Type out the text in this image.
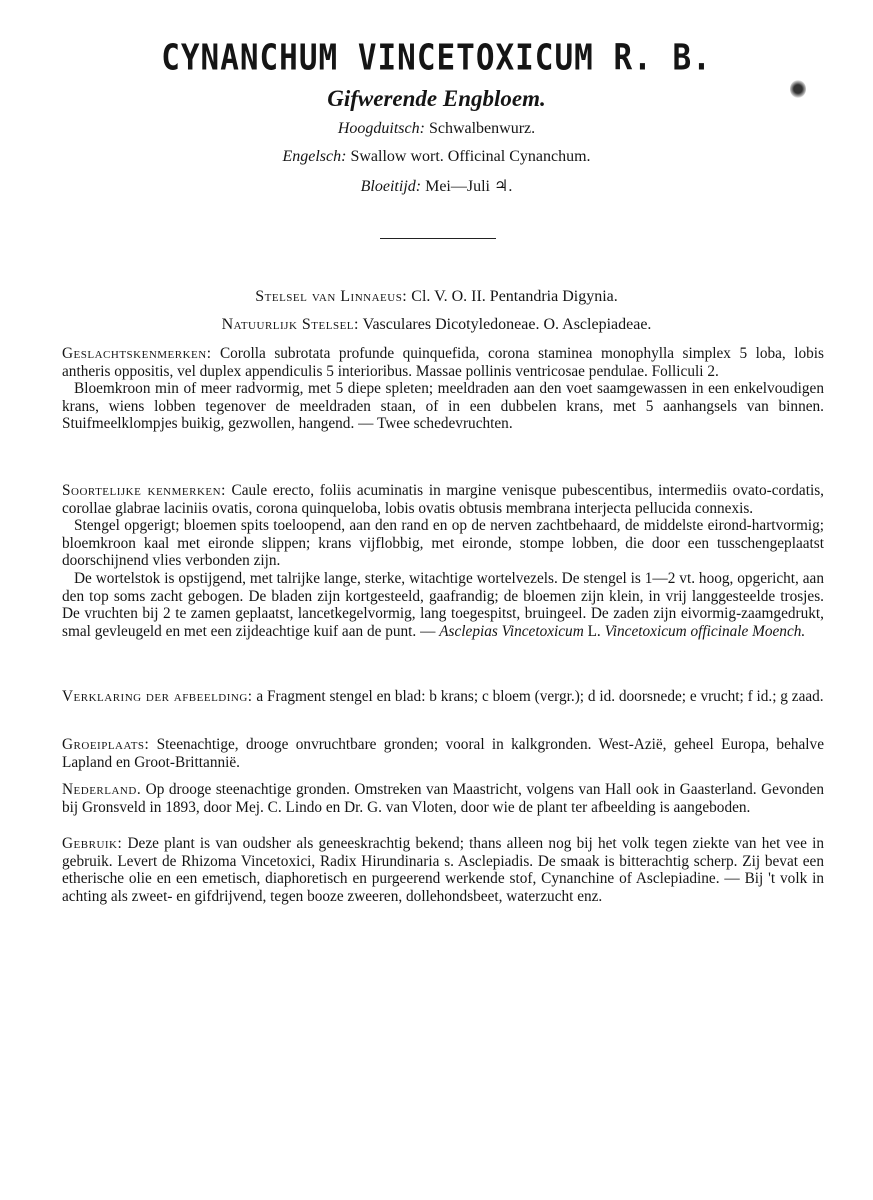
CYNANCHUM VINCETOXICUM R. B.
Gifwerende Engbloem.
Hoogduitsch: Schwalbenwurz.
Engelsch: Swallow wort. Officinal Cynanchum.
Bloeitijd: Mei—Juli ♃.
Stelsel van Linnaeus: Cl. V. O. II. Pentandria Digynia.
Natuurlijk Stelsel: Vasculares Dicotyledoneae. O. Asclepiadeae.

Geslachtskenmerken: Corolla subrotata profunde quinquefida, corona staminea monophylla simplex 5 loba, lobis antheris oppositis, vel duplex appendiculis 5 interioribus. Massae pollinis ventricosae pendulae. Folliculi 2.

Bloemkroon min of meer radvormig, met 5 diepe spleten; meeldraden aan den voet saamgewassen in een enkelvoudigen krans, wiens lobben tegenover de meeldraden staan, of in een dubbelen krans, met 5 aanhangsels van binnen. Stuifmeelklompjes buikig, gezwollen, hangend. — Twee schedevruchten.

Soortelijke kenmerken: Caule erecto, foliis acuminatis in margine venisque pubescentibus, intermediis ovato-cordatis, corollae glabrae laciniis ovatis, corona quinqueloba, lobis ovatis obtusis membrana interjecta pellucida connexis.

Stengel opgerigt; bloemen spits toeloopend, aan den rand en op de nerven zachtbehaard, de middelste eirond-hartvormig; bloemkroon kaal met eironde slippen; krans vijflobbig, met eironde, stompe lobben, die door een tusschengeplaatst doorschijnend vlies verbonden zijn.

De wortelstok is opstijgend, met talrijke lange, sterke, witachtige wortelvezels. De stengel is 1—2 vt. hoog, opgericht, aan den top soms zacht gebogen. De bladen zijn kortgesteeld, gaafrandig; de bloemen zijn klein, in vrij langgesteelde trosjes. De vruchten bij 2 te zamen geplaatst, lancetkegelvormig, lang toegespitst, bruingeel. De zaden zijn eivormig-zaamgedrukt, smal gevleugeld en met een zijdeachtige kuif aan de punt. — Asclepias Vincetoxicum L. Vincetoxicum officinale Moench.

Verklaring der afbeelding: a Fragment stengel en blad: b krans; c bloem (vergr.); d id. doorsnede; e vrucht; f id.; g zaad.

Groeiplaats: Steenachtige, drooge onvruchtbare gronden; vooral in kalkgronden. West-Azië, geheel Europa, behalve Lapland en Groot-Brittannië.

Nederland. Op drooge steenachtige gronden. Omstreken van Maastricht, volgens van Hall ook in Gaasterland. Gevonden bij Gronsveld in 1893, door Mej. C. Lindo en Dr. G. van Vloten, door wie de plant ter afbeelding is aangeboden.

Gebruik: Deze plant is van oudsher als geneeskrachtig bekend; thans alleen nog bij het volk tegen ziekte van het vee in gebruik. Levert de Rhizoma Vincetoxici, Radix Hirundinaria s. Asclepiadis. De smaak is bitterachtig scherp. Zij bevat een etherische olie en een emetisch, diaphoretisch en purgeerend werkende stof, Cynanchine of Asclepiadine. — Bij 't volk in achting als zweet- en gifdrijvend, tegen booze zweeren, dollehondsbeet, waterzucht enz.
